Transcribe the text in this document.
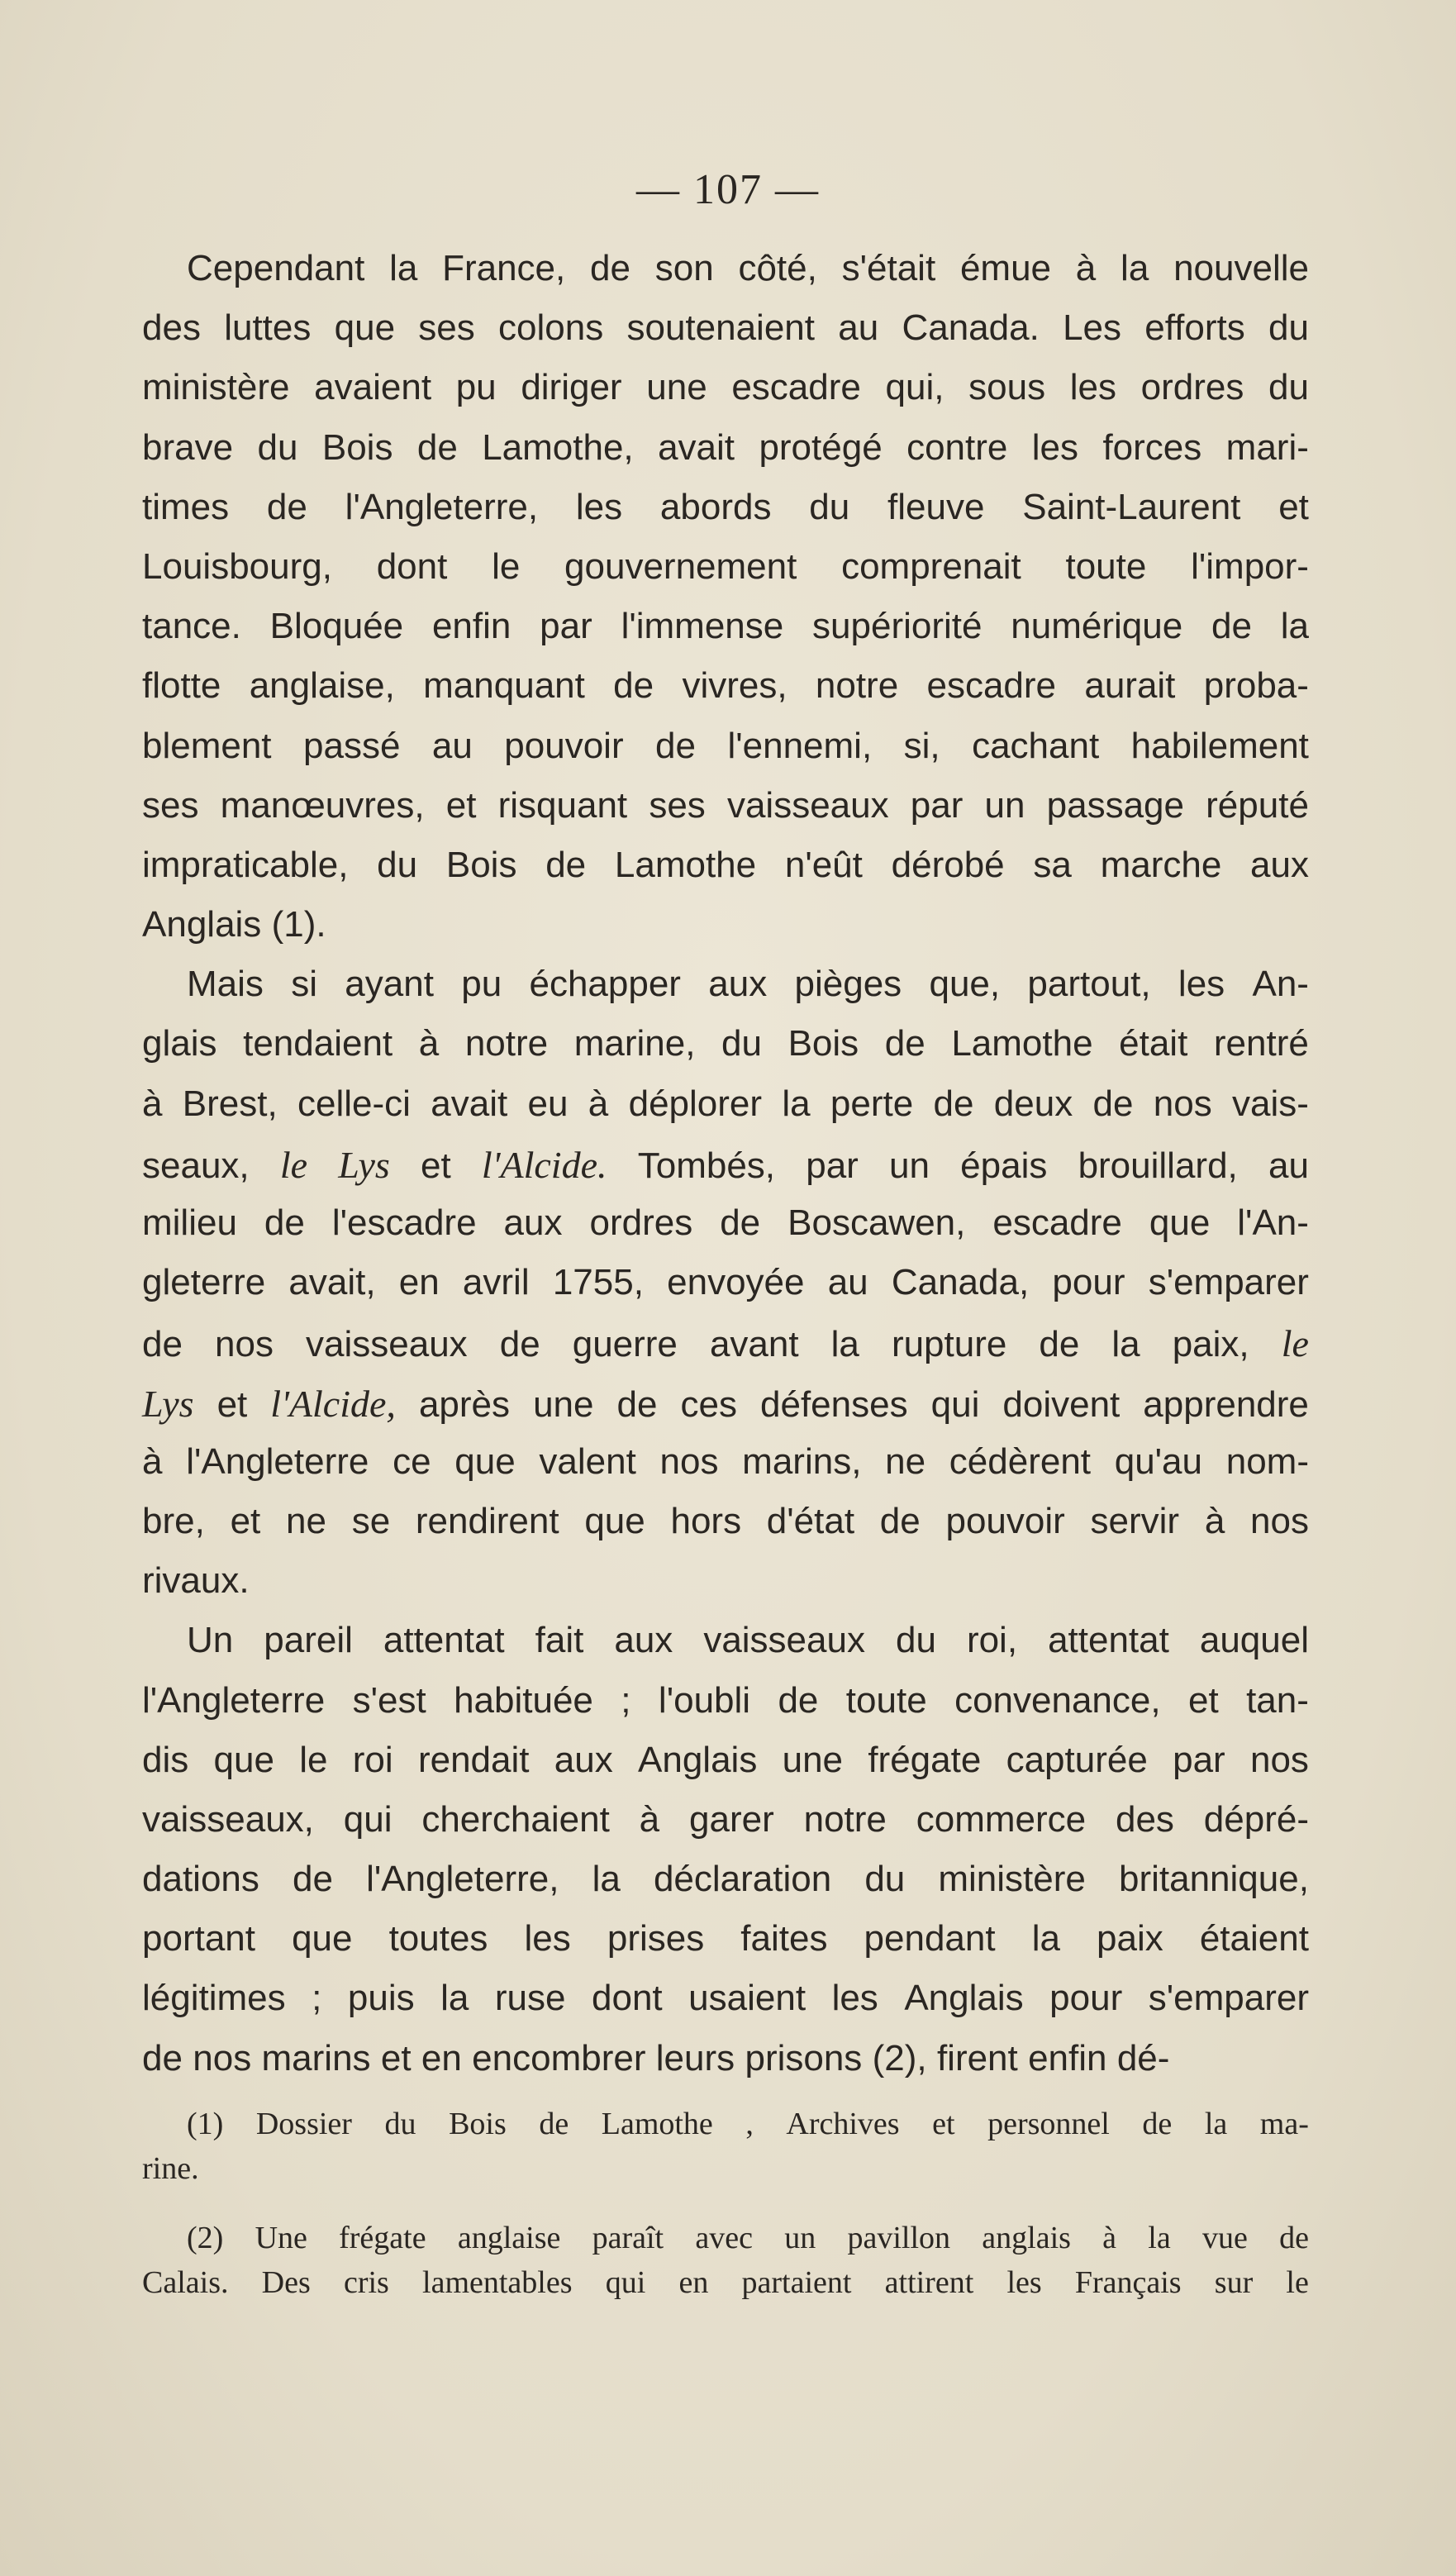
— 107 —
Cependant la France, de son côté, s'était émue à la nouvelle
des luttes que ses colons soutenaient au Canada. Les efforts du
ministère avaient pu diriger une escadre qui, sous les ordres du
brave du Bois de Lamothe, avait protégé contre les forces mari-
times de l'Angleterre, les abords du fleuve Saint-Laurent et
Louisbourg, dont le gouvernement comprenait toute l'impor-
tance. Bloquée enfin par l'immense supériorité numérique de la
flotte anglaise, manquant de vivres, notre escadre aurait proba-
blement passé au pouvoir de l'ennemi, si, cachant habilement
ses manœuvres, et risquant ses vaisseaux par un passage réputé
impraticable, du Bois de Lamothe n'eût dérobé sa marche aux
Anglais (1).
Mais si ayant pu échapper aux pièges que, partout, les An-
glais tendaient à notre marine, du Bois de Lamothe était rentré
à Brest, celle-ci avait eu à déplorer la perte de deux de nos vais-
seaux, le Lys et l'Alcide. Tombés, par un épais brouillard, au
milieu de l'escadre aux ordres de Boscawen, escadre que l'An-
gleterre avait, en avril 1755, envoyée au Canada, pour s'emparer
de nos vaisseaux de guerre avant la rupture de la paix, le
Lys et l'Alcide, après une de ces défenses qui doivent apprendre
à l'Angleterre ce que valent nos marins, ne cédèrent qu'au nom-
bre, et ne se rendirent que hors d'état de pouvoir servir à nos
rivaux.
Un pareil attentat fait aux vaisseaux du roi, attentat auquel
l'Angleterre s'est habituée ; l'oubli de toute convenance, et tan-
dis que le roi rendait aux Anglais une frégate capturée par nos
vaisseaux, qui cherchaient à garer notre commerce des dépré-
dations de l'Angleterre, la déclaration du ministère britannique,
portant que toutes les prises faites pendant la paix étaient
légitimes ; puis la ruse dont usaient les Anglais pour s'emparer
de nos marins et en encombrer leurs prisons (2), firent enfin dé-
(1) Dossier du Bois de Lamothe , Archives et personnel de la ma-
rine.
(2) Une frégate anglaise paraît avec un pavillon anglais à la vue de
Calais. Des cris lamentables qui en partaient attirent les Français sur le
